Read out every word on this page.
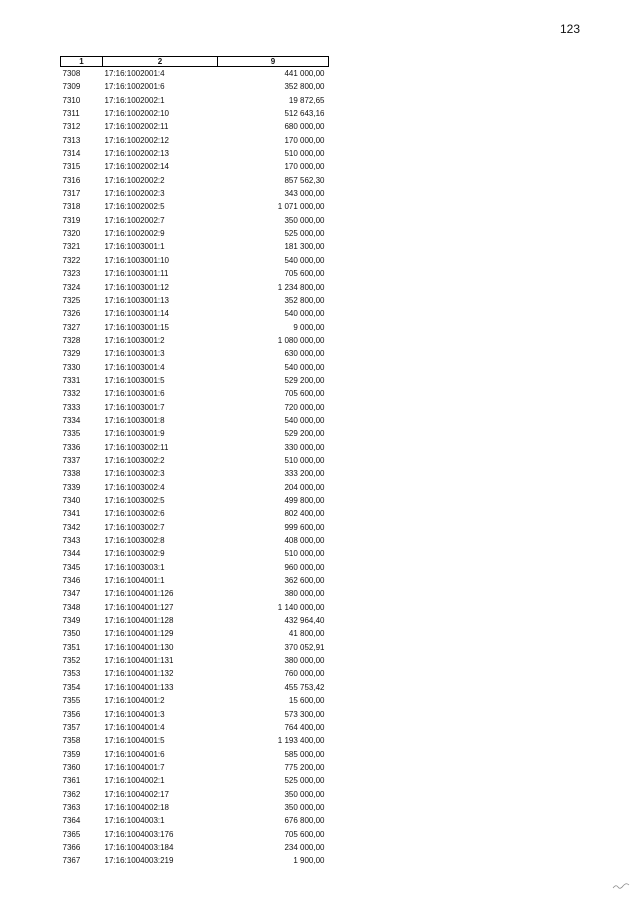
123
1	2	9
7308	17:16:1002001:4	441 000,00
7309	17:16:1002001:6	352 800,00
7310	17:16:1002002:1	19 872,65
7311	17:16:1002002:10	512 643,16
7312	17:16:1002002:11	680 000,00
7313	17:16:1002002:12	170 000,00
7314	17:16:1002002:13	510 000,00
7315	17:16:1002002:14	170 000,00
7316	17:16:1002002:2	857 562,30
7317	17:16:1002002:3	343 000,00
7318	17:16:1002002:5	1 071 000,00
7319	17:16:1002002:7	350 000,00
7320	17:16:1002002:9	525 000,00
7321	17:16:1003001:1	181 300,00
7322	17:16:1003001:10	540 000,00
7323	17:16:1003001:11	705 600,00
7324	17:16:1003001:12	1 234 800,00
7325	17:16:1003001:13	352 800,00
7326	17:16:1003001:14	540 000,00
7327	17:16:1003001:15	9 000,00
7328	17:16:1003001:2	1 080 000,00
7329	17:16:1003001:3	630 000,00
7330	17:16:1003001:4	540 000,00
7331	17:16:1003001:5	529 200,00
7332	17:16:1003001:6	705 600,00
7333	17:16:1003001:7	720 000,00
7334	17:16:1003001:8	540 000,00
7335	17:16:1003001:9	529 200,00
7336	17:16:1003002:11	330 000,00
7337	17:16:1003002:2	510 000,00
7338	17:16:1003002:3	333 200,00
7339	17:16:1003002:4	204 000,00
7340	17:16:1003002:5	499 800,00
7341	17:16:1003002:6	802 400,00
7342	17:16:1003002:7	999 600,00
7343	17:16:1003002:8	408 000,00
7344	17:16:1003002:9	510 000,00
7345	17:16:1003003:1	960 000,00
7346	17:16:1004001:1	362 600,00
7347	17:16:1004001:126	380 000,00
7348	17:16:1004001:127	1 140 000,00
7349	17:16:1004001:128	432 964,40
7350	17:16:1004001:129	41 800,00
7351	17:16:1004001:130	370 052,91
7352	17:16:1004001:131	380 000,00
7353	17:16:1004001:132	760 000,00
7354	17:16:1004001:133	455 753,42
7355	17:16:1004001:2	15 600,00
7356	17:16:1004001:3	573 300,00
7357	17:16:1004001:4	764 400,00
7358	17:16:1004001:5	1 193 400,00
7359	17:16:1004001:6	585 000,00
7360	17:16:1004001:7	775 200,00
7361	17:16:1004002:1	525 000,00
7362	17:16:1004002:17	350 000,00
7363	17:16:1004002:18	350 000,00
7364	17:16:1004003:1	676 800,00
7365	17:16:1004003:176	705 600,00
7366	17:16:1004003:184	234 000,00
7367	17:16:1004003:219	1 900,00
